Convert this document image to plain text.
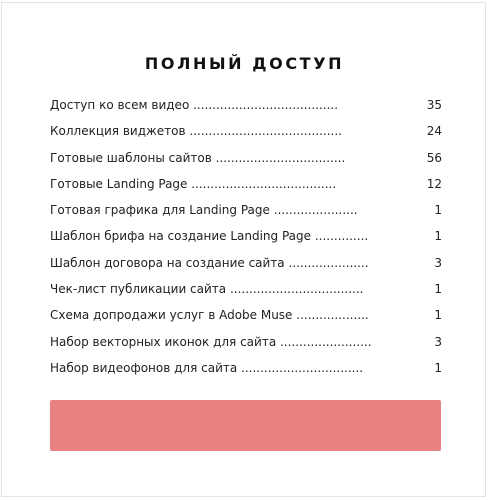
ПОЛНЫЙ ДОСТУП
Доступ ко всем видео ......................................	35
Коллекция виджетов ........................................	24
Готовые шаблоны сайтов ..................................	56
Готовые Landing Page ......................................	12
Готовая графика для Landing Page ......................	1
Шаблон брифа на создание Landing Page ..............	1
Шаблон договора на создание сайта .....................	3
Чек-лист публикации сайта ...................................	1
Схема допродажи услуг в Adobe Muse ...................	1
Набор векторных иконок для сайта ........................	3
Набор видеофонов для сайта ................................	1
